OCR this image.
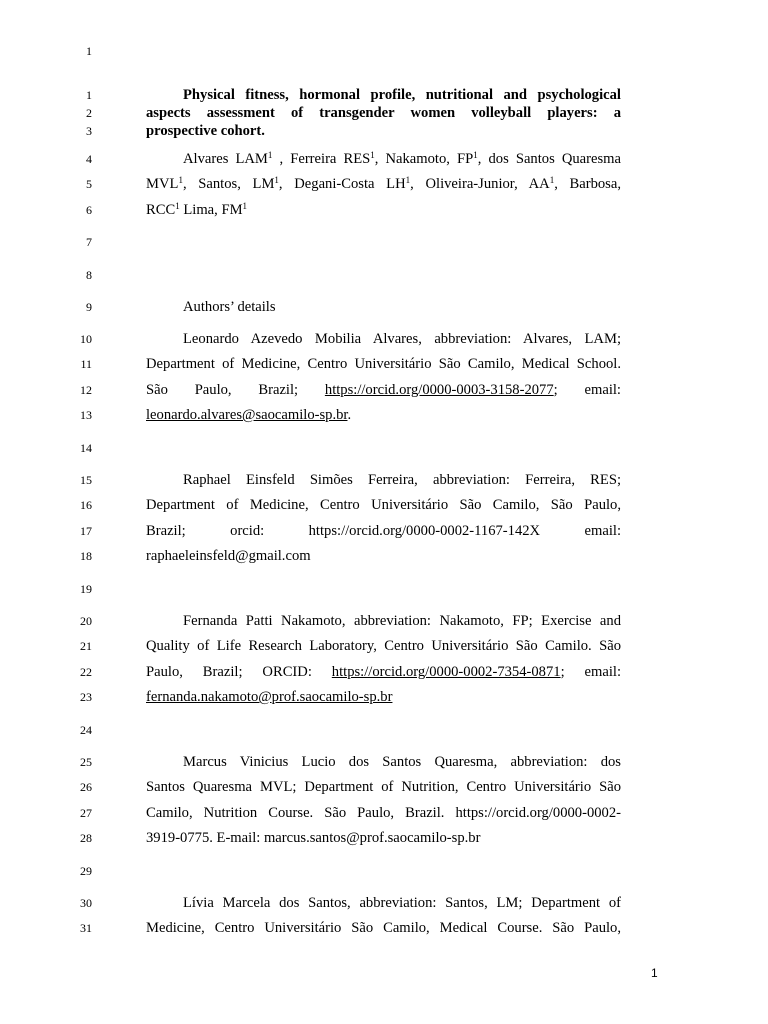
1
1
2
3
4
5
6
7
8
9
10
11
12
13
14
15
16
17
18
19
20
21
22
23
24
25
26
27
28
29
30
31
Physical fitness, hormonal profile, nutritional and psychological
aspects assessment of transgender women volleyball players: a
prospective cohort.
Alvares LAM$^1$ , Ferreira RES$^1$, Nakamoto, $FP^1$, dos Santos Quaresma
MVL$^1$, Santos, $LM^1$, Degani-Costa $LH^1$, Oliveira-Junior, $AA^1$, Barbosa,
RCC$^1$ Lima, $FM^1$
Authors’ details
Leonardo Azevedo Mobilia Alvares, abbreviation: Alvares, LAM;
Department of Medicine, Centro Universitário São Camilo, Medical School.
São Paulo, Brazil; https://orcid.org/0000-0003-3158-2077; email:
leonardo.alvares@saocamilo-sp.br.
Raphael Einsfeld Simões Ferreira, abbreviation: Ferreira, RES;
Department of Medicine, Centro Universitário São Camilo, São Paulo,
Brazil; orcid: https://orcid.org/0000-0002-1167-142X email:
raphaeleinsfeld@gmail.com
Fernanda Patti Nakamoto, abbreviation: Nakamoto, FP; Exercise and
Quality of Life Research Laboratory, Centro Universitário São Camilo. São
Paulo, Brazil; ORCID: https://orcid.org/0000-0002-7354-0871; email:
fernanda.nakamoto@prof.saocamilo-sp.br
Marcus Vinicius Lucio dos Santos Quaresma, abbreviation: dos
Santos Quaresma MVL; Department of Nutrition, Centro Universitário São
Camilo, Nutrition Course. São Paulo, Brazil. https://orcid.org/0000-0002-
3919-0775. E-mail: marcus.santos@prof.saocamilo-sp.br
Lívia Marcela dos Santos, abbreviation: Santos, LM; Department of
Medicine, Centro Universitário São Camilo, Medical Course. São Paulo,
1
